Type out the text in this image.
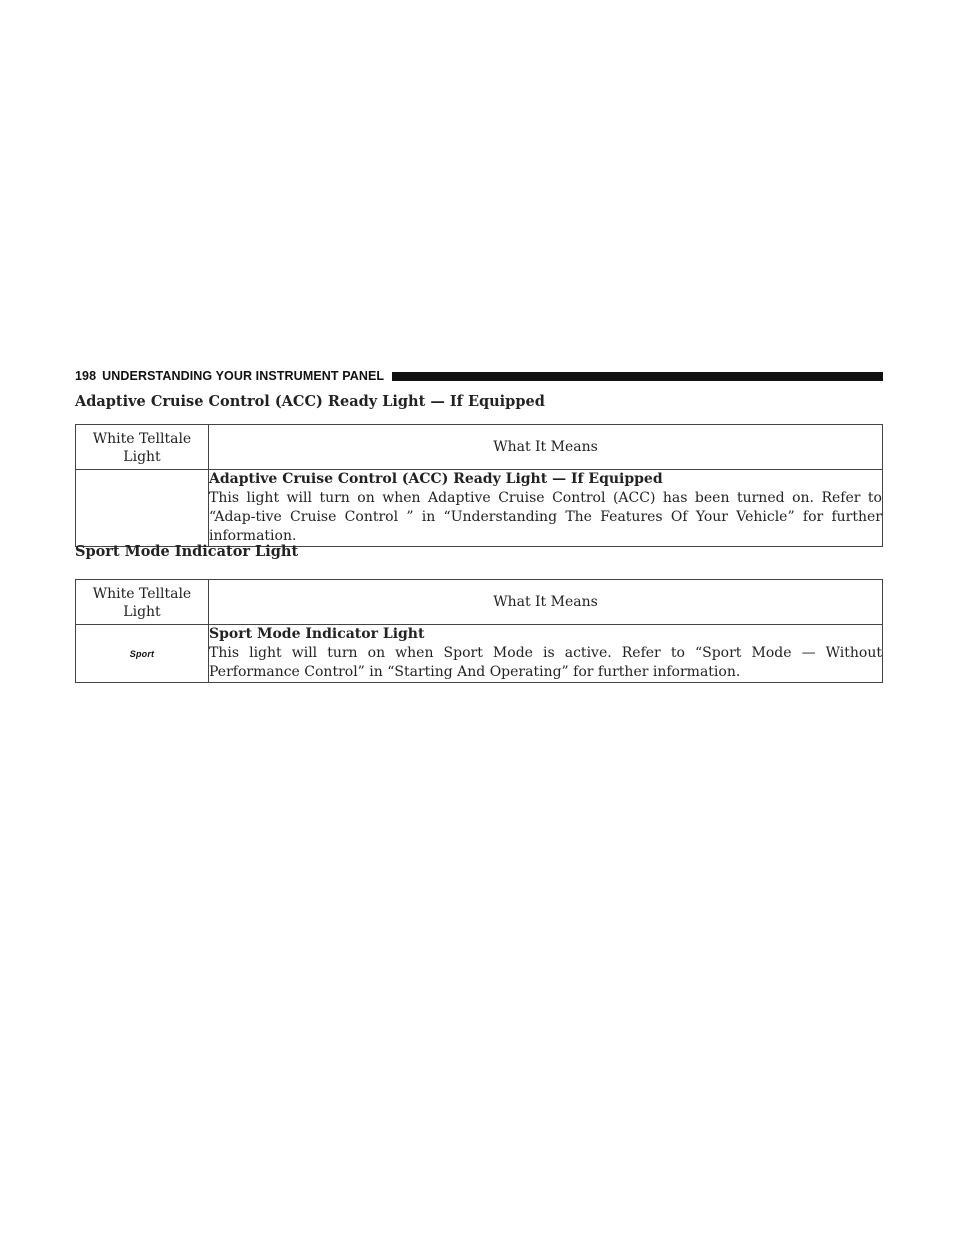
198 UNDERSTANDING YOUR INSTRUMENT PANEL
Adaptive Cruise Control (ACC) Ready Light — If Equipped
White Telltale Light	What It Means

	Adaptive Cruise Control (ACC) Ready Light — If Equipped
This light will turn on when Adaptive Cruise Control (ACC) has been turned on. Refer to “Adap-tive Cruise Control ” in “Understanding The Features Of Your Vehicle” for further information.
Sport Mode Indicator Light
White Telltale Light	What It Means
Sport	Sport Mode Indicator Light
This light will turn on when Sport Mode is active. Refer to “Sport Mode — Without Performance Control” in “Starting And Operating” for further information.
